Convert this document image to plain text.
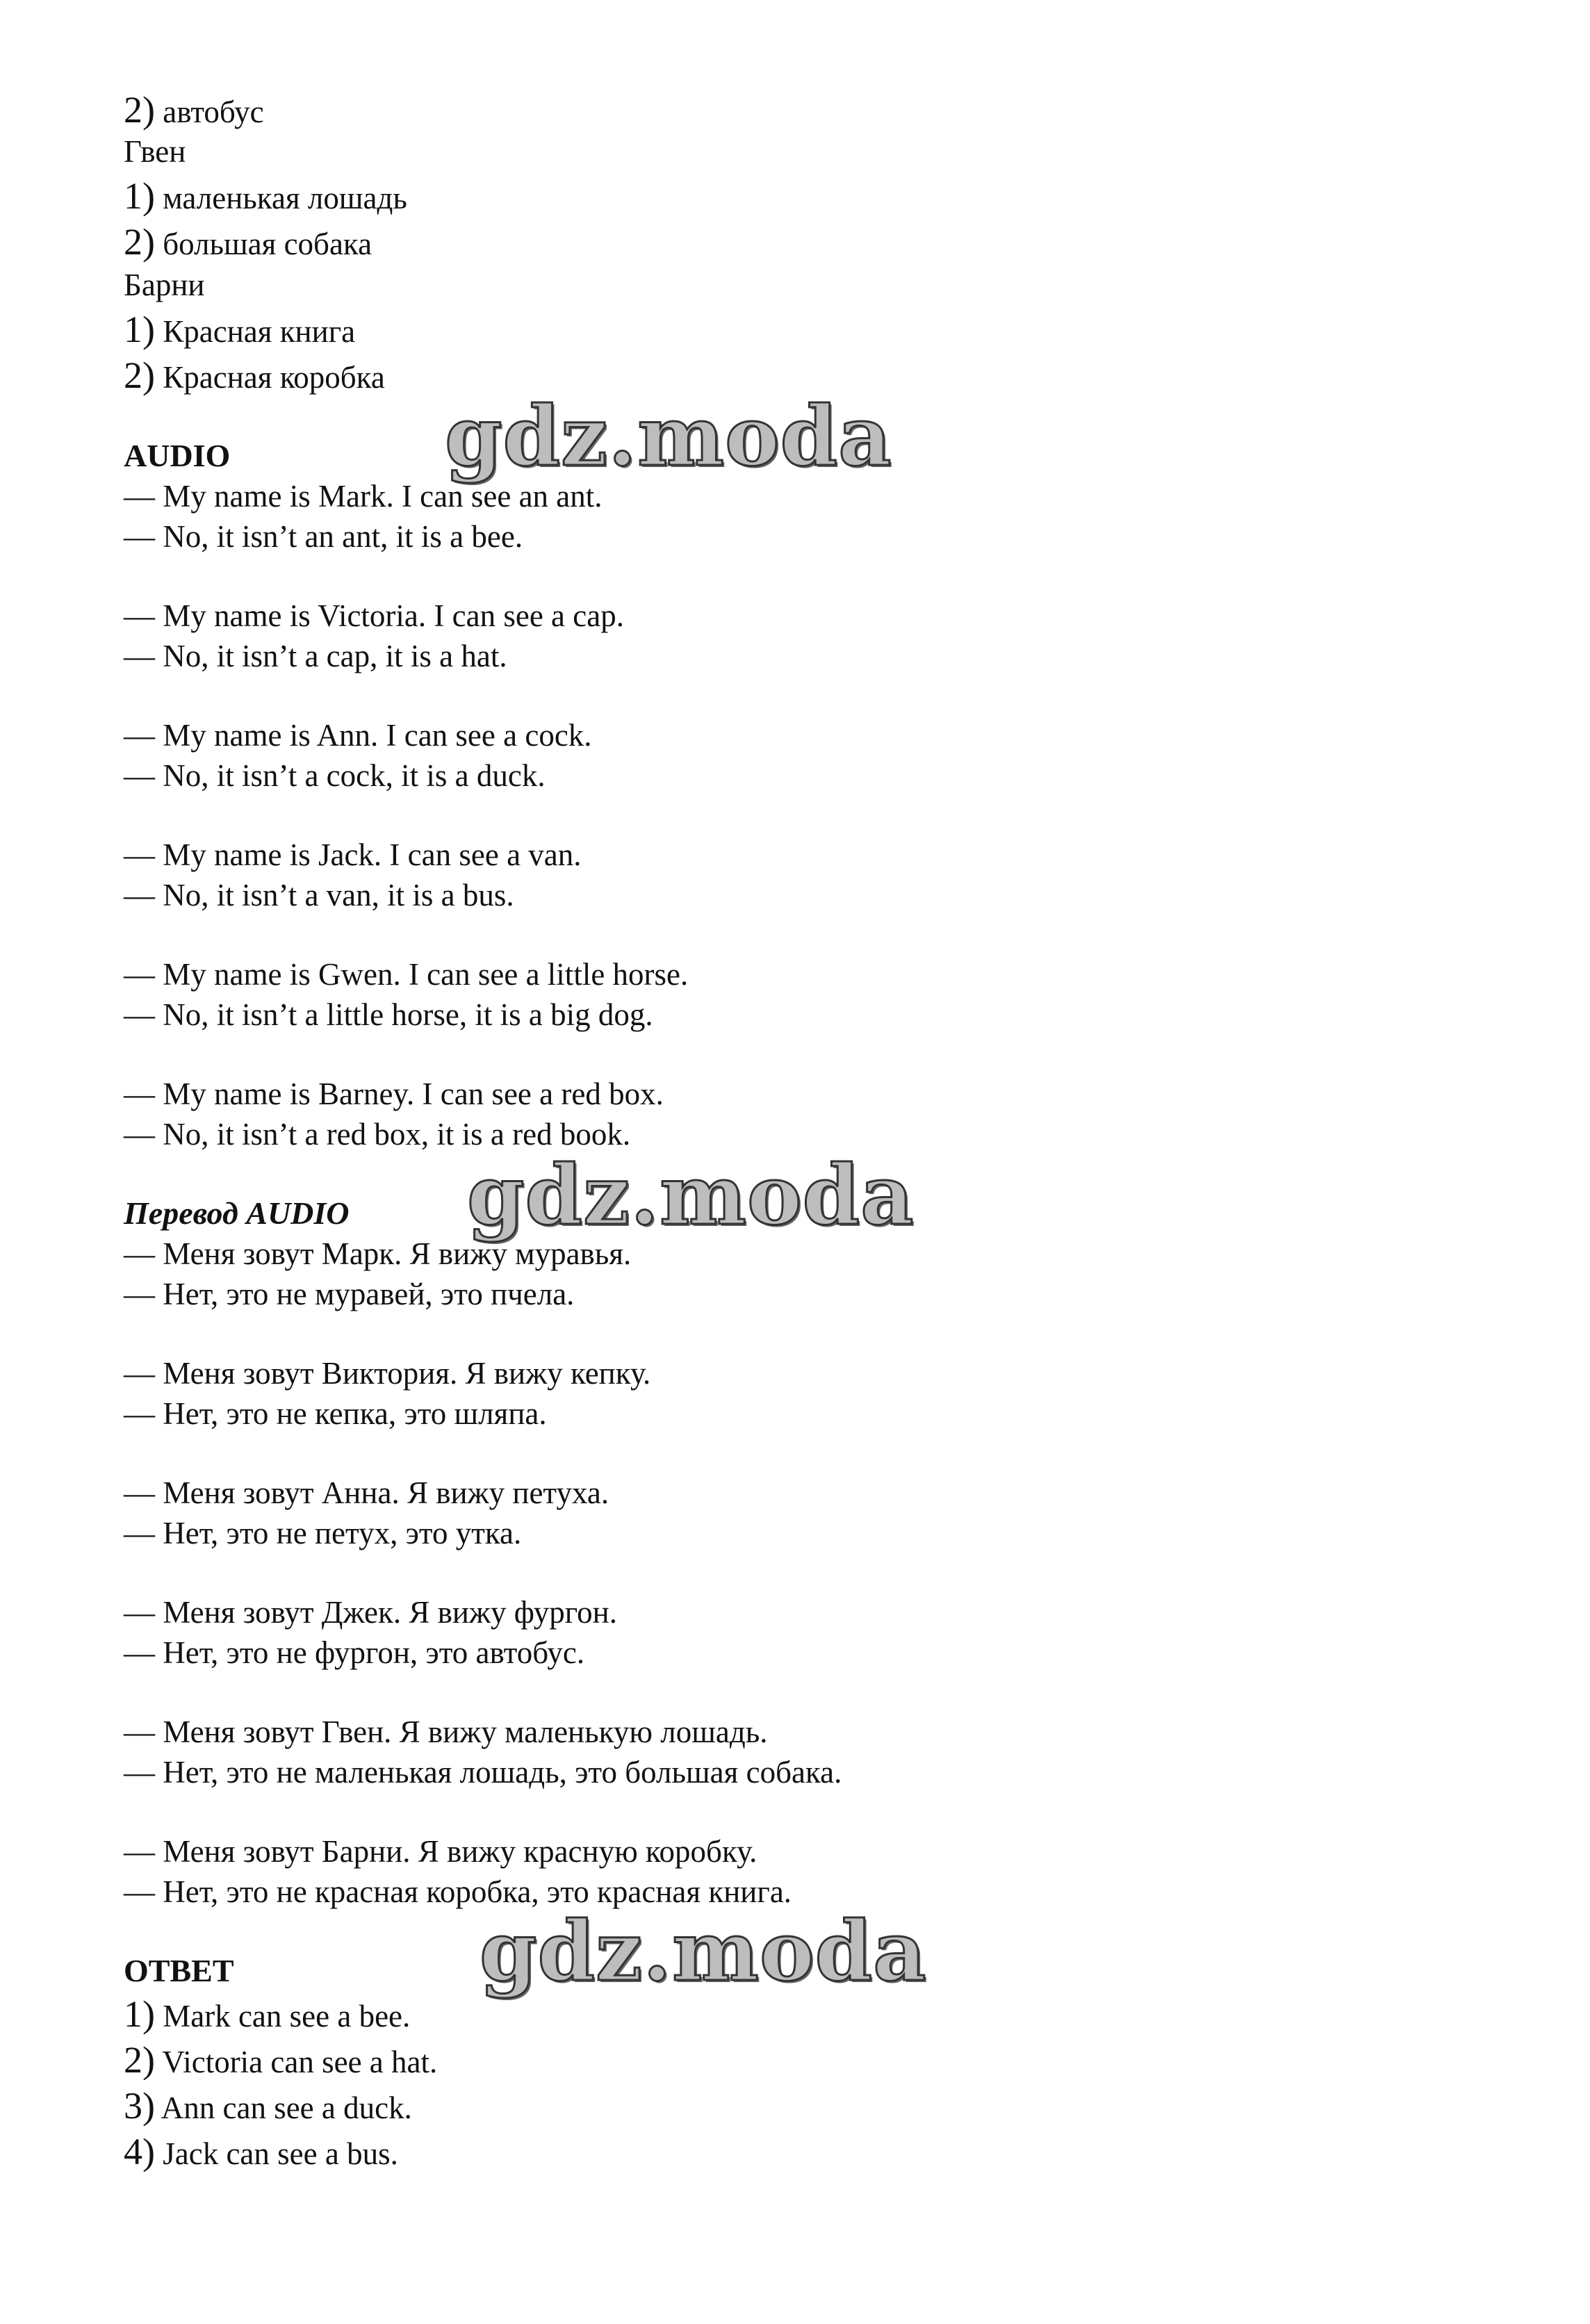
2) автобус
Гвен
1) маленькая лошадь
2) большая собака
Барни
1) Красная книга
2) Красная коробка
AUDIO
— My name is Mark. I can see an ant.
— No, it isn’t an ant, it is a bee.
— My name is Victoria. I can see a cap.
— No, it isn’t a cap, it is a hat.
— My name is Ann. I can see a cock.
— No, it isn’t a cock, it is a duck.
— My name is Jack. I can see a van.
— No, it isn’t a van, it is a bus.
— My name is Gwen. I can see a little horse.
— No, it isn’t a little horse, it is a big dog.
— My name is Barney. I can see a red box.
— No, it isn’t a red box, it is a red book.
Перевод AUDIO
— Меня зовут Марк. Я вижу муравья.
— Нет, это не муравей, это пчела.
— Меня зовут Виктория. Я вижу кепку.
— Нет, это не кепка, это шляпа.
— Меня зовут Анна. Я вижу петуха.
— Нет, это не петух, это утка.
— Меня зовут Джек. Я вижу фургон.
— Нет, это не фургон, это автобус.
— Меня зовут Гвен. Я вижу маленькую лошадь.
— Нет, это не маленькая лошадь, это большая собака.
— Меня зовут Барни. Я вижу красную коробку.
— Нет, это не красная коробка, это красная книга.
ОТВЕТ
1) Mark can see a bee.
2) Victoria can see a hat.
3) Ann can see a duck.
4) Jack can see a bus.
gdz.moda
gdz.moda
gdz.moda
